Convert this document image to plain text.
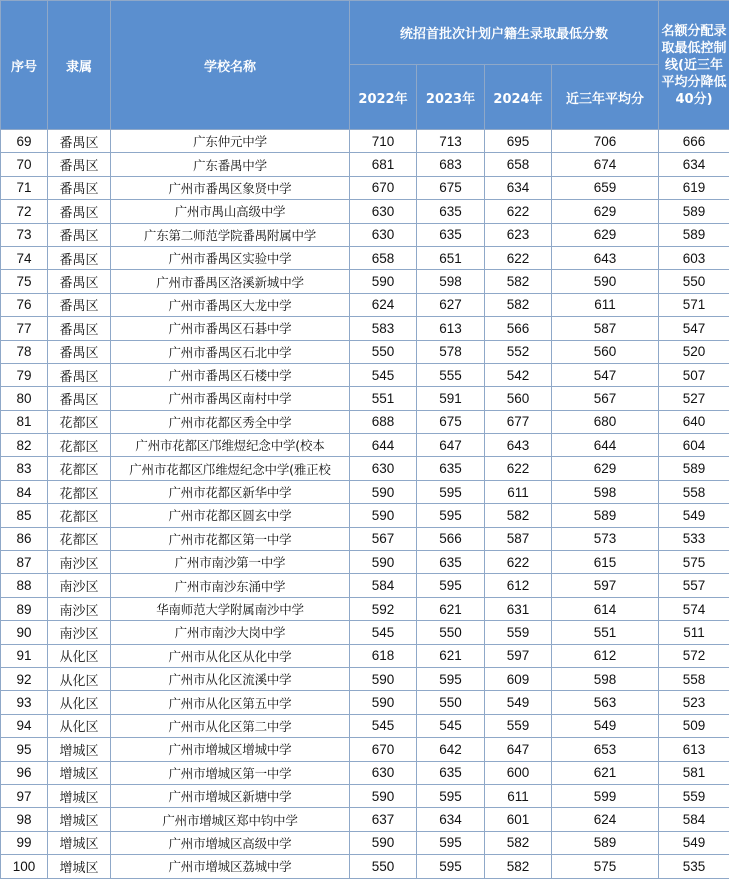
序号	隶属	学校名称	统招首批次计划户籍生录取最低分数				名额分配录取最低控制线(近三年平均分降低40分)
			2022年	2023年	2024年	近三年平均分	
69	番禺区	广东仲元中学	710	713	695	706	666
70	番禺区	广东番禺中学	681	683	658	674	634
71	番禺区	广州市番禺区象贤中学	670	675	634	659	619
72	番禺区	广州市禺山高级中学	630	635	622	629	589
73	番禺区	广东第二师范学院番禺附属中学	630	635	623	629	589
74	番禺区	广州市番禺区实验中学	658	651	622	643	603
75	番禺区	广州市番禺区洛溪新城中学	590	598	582	590	550
76	番禺区	广州市番禺区大龙中学	624	627	582	611	571
77	番禺区	广州市番禺区石碁中学	583	613	566	587	547
78	番禺区	广州市番禺区石北中学	550	578	552	560	520
79	番禺区	广州市番禺区石楼中学	545	555	542	547	507
80	番禺区	广州市番禺区南村中学	551	591	560	567	527
81	花都区	广州市花都区秀全中学	688	675	677	680	640
82	花都区	广州市花都区邝维煜纪念中学(校本	644	647	643	644	604
83	花都区	广州市花都区邝维煜纪念中学(雅正校	630	635	622	629	589
84	花都区	广州市花都区新华中学	590	595	611	598	558
85	花都区	广州市花都区圆玄中学	590	595	582	589	549
86	花都区	广州市花都区第一中学	567	566	587	573	533
87	南沙区	广州市南沙第一中学	590	635	622	615	575
88	南沙区	广州市南沙东涌中学	584	595	612	597	557
89	南沙区	华南师范大学附属南沙中学	592	621	631	614	574
90	南沙区	广州市南沙大岗中学	545	550	559	551	511
91	从化区	广州市从化区从化中学	618	621	597	612	572
92	从化区	广州市从化区流溪中学	590	595	609	598	558
93	从化区	广州市从化区第五中学	590	550	549	563	523
94	从化区	广州市从化区第二中学	545	545	559	549	509
95	增城区	广州市增城区增城中学	670	642	647	653	613
96	增城区	广州市增城区第一中学	630	635	600	621	581
97	增城区	广州市增城区新塘中学	590	595	611	599	559
98	增城区	广州市增城区郑中钧中学	637	634	601	624	584
99	增城区	广州市增城区高级中学	590	595	582	589	549
100	增城区	广州市增城区荔城中学	550	595	582	575	535
